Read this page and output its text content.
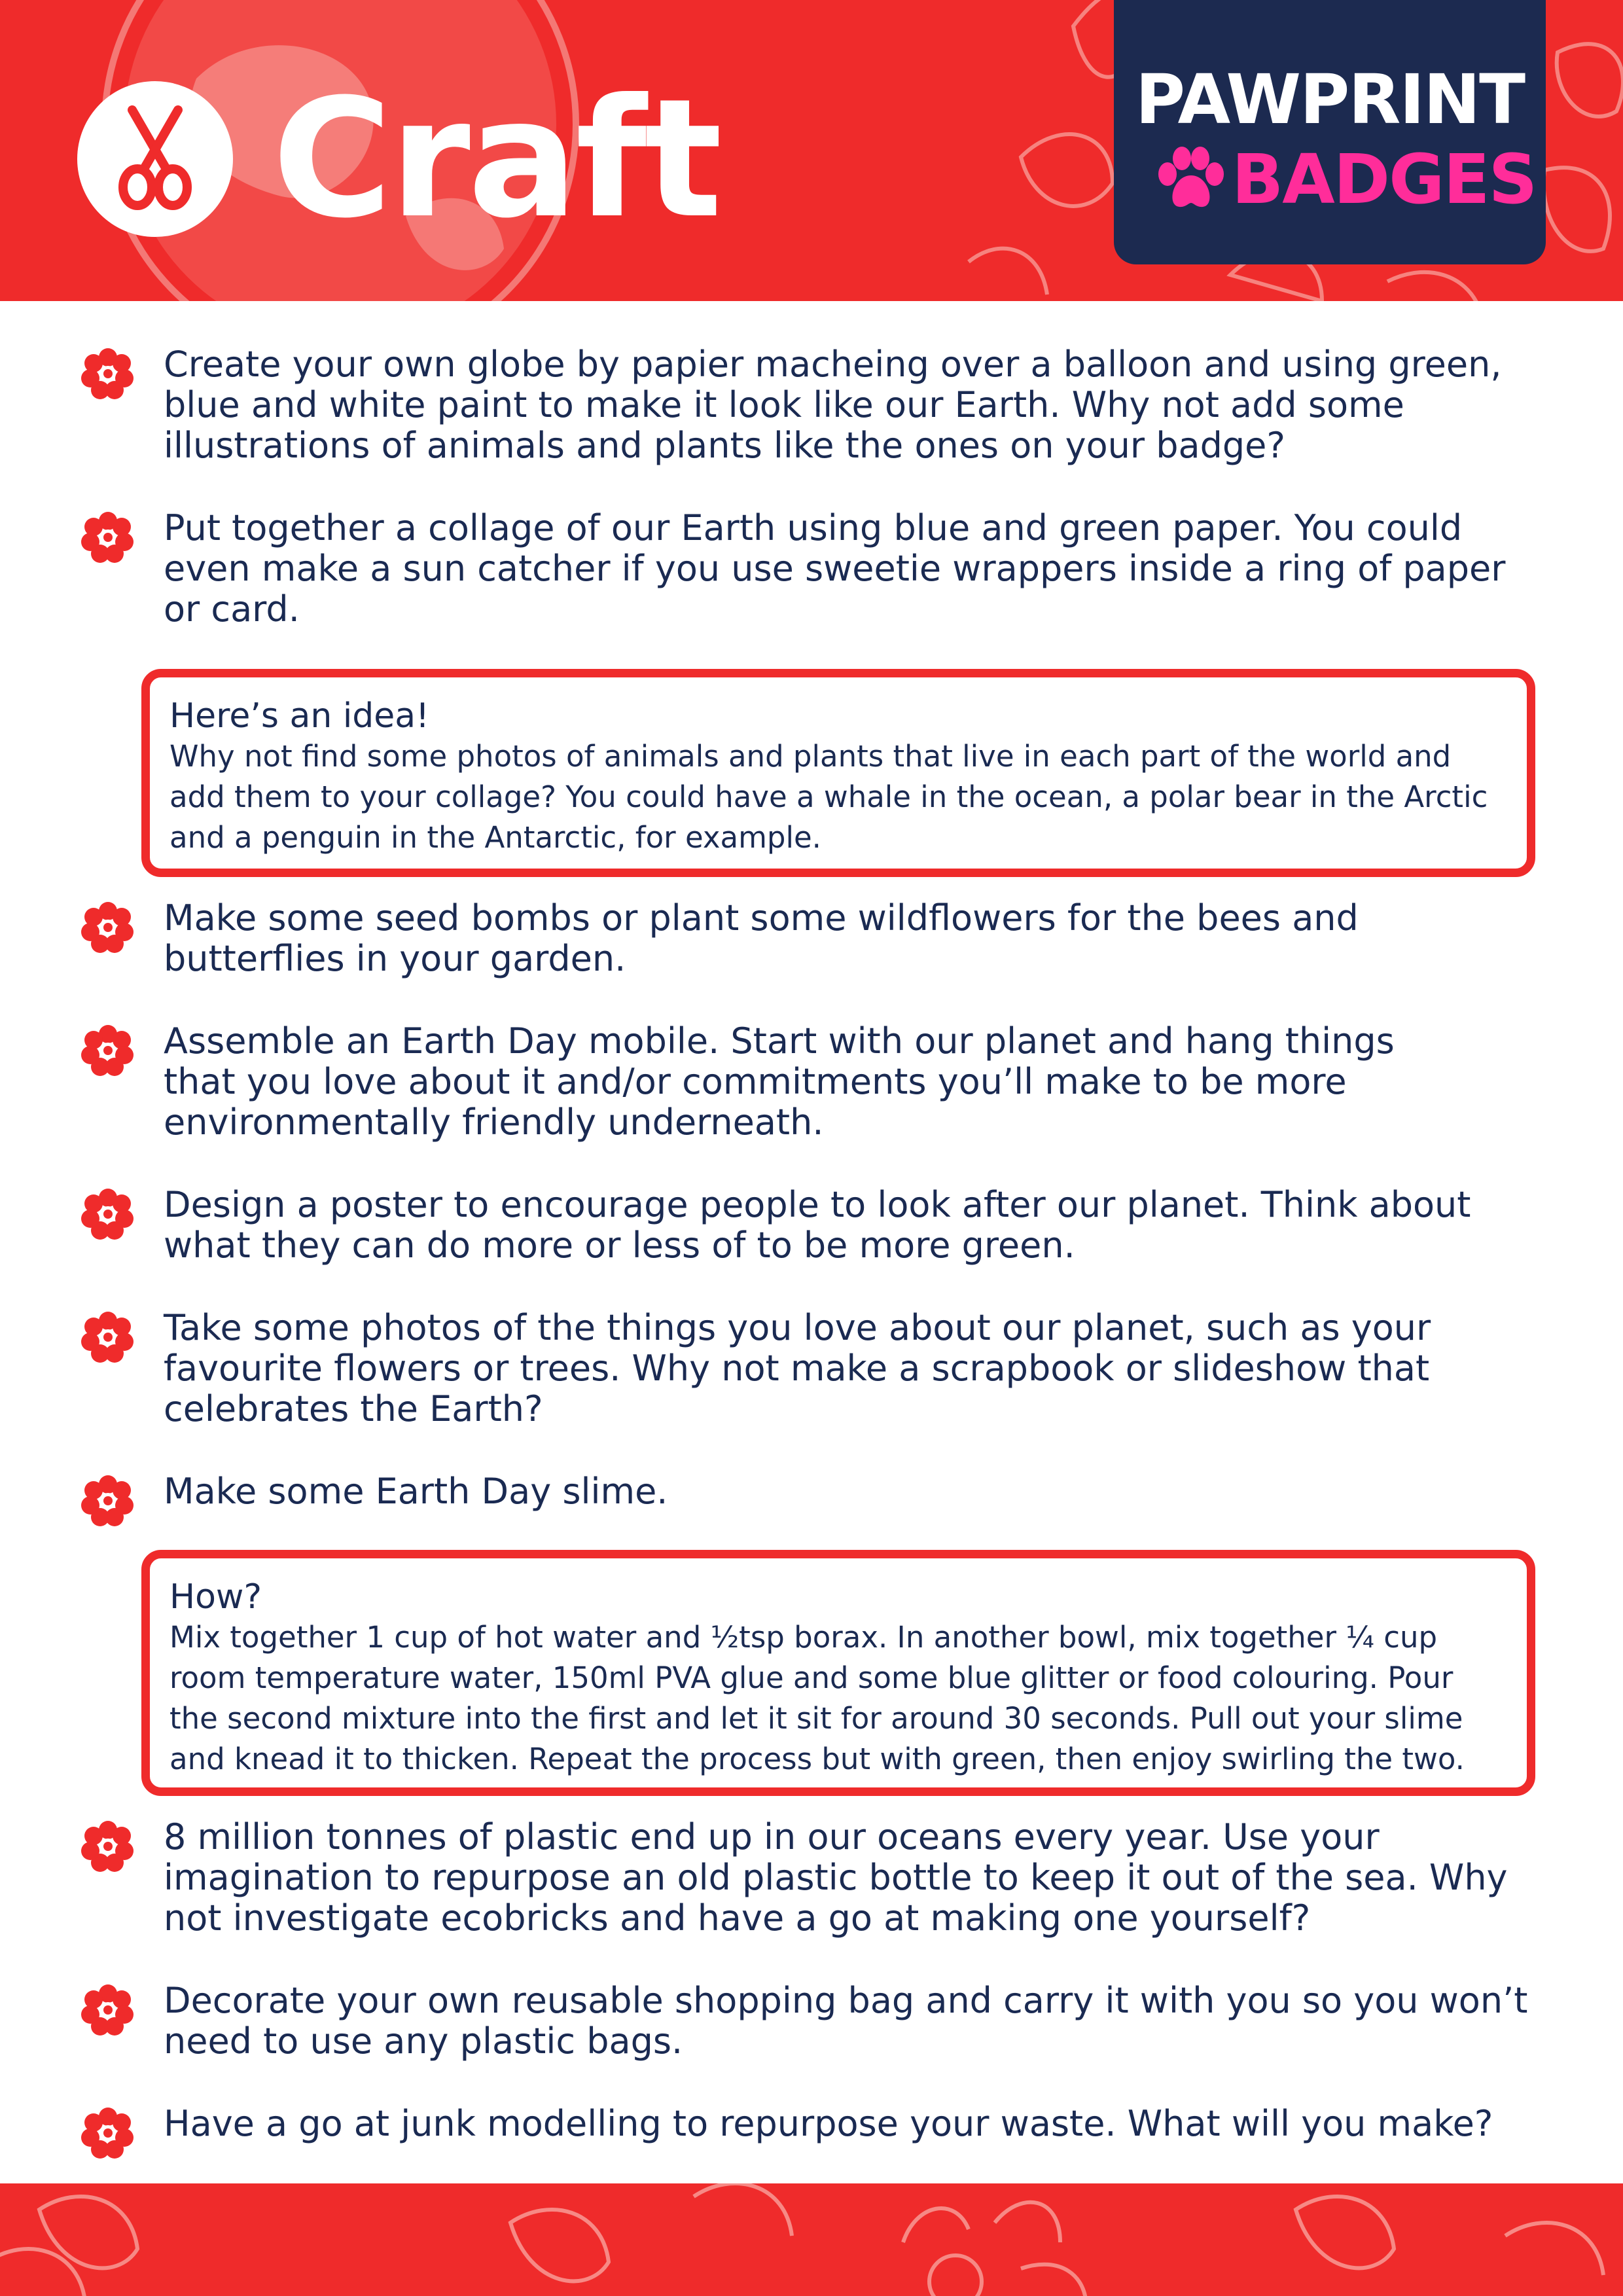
Craft	PAWPRINT
BADGES
Create your own globe by papier macheing over a balloon and using green,
blue and white paint to make it look like our Earth. Why not add some
illustrations of animals and plants like the ones on your badge?
Put together a collage of our Earth using blue and green paper. You could
even make a sun catcher if you use sweetie wrappers inside a ring of paper
or card.
Here’s an idea!
Why not find some photos of animals and plants that live in each part of the world and
add them to your collage? You could have a whale in the ocean, a polar bear in the Arctic
and a penguin in the Antarctic, for example.
Make some seed bombs or plant some wildflowers for the bees and
butterflies in your garden.
Assemble an Earth Day mobile. Start with our planet and hang things
that you love about it and/or commitments you’ll make to be more
environmentally friendly underneath.
Design a poster to encourage people to look after our planet. Think about
what they can do more or less of to be more green.
Take some photos of the things you love about our planet, such as your
favourite flowers or trees. Why not make a scrapbook or slideshow that
celebrates the Earth?
Make some Earth Day slime.
How?
Mix together 1 cup of hot water and ½tsp borax. In another bowl, mix together ¼ cup
room temperature water, 150ml PVA glue and some blue glitter or food colouring. Pour
the second mixture into the first and let it sit for around 30 seconds. Pull out your slime
and knead it to thicken. Repeat the process but with green, then enjoy swirling the two.
8 million tonnes of plastic end up in our oceans every year. Use your
imagination to repurpose an old plastic bottle to keep it out of the sea. Why
not investigate ecobricks and have a go at making one yourself?
Decorate your own reusable shopping bag and carry it with you so you won’t
need to use any plastic bags.
Have a go at junk modelling to repurpose your waste. What will you make?
